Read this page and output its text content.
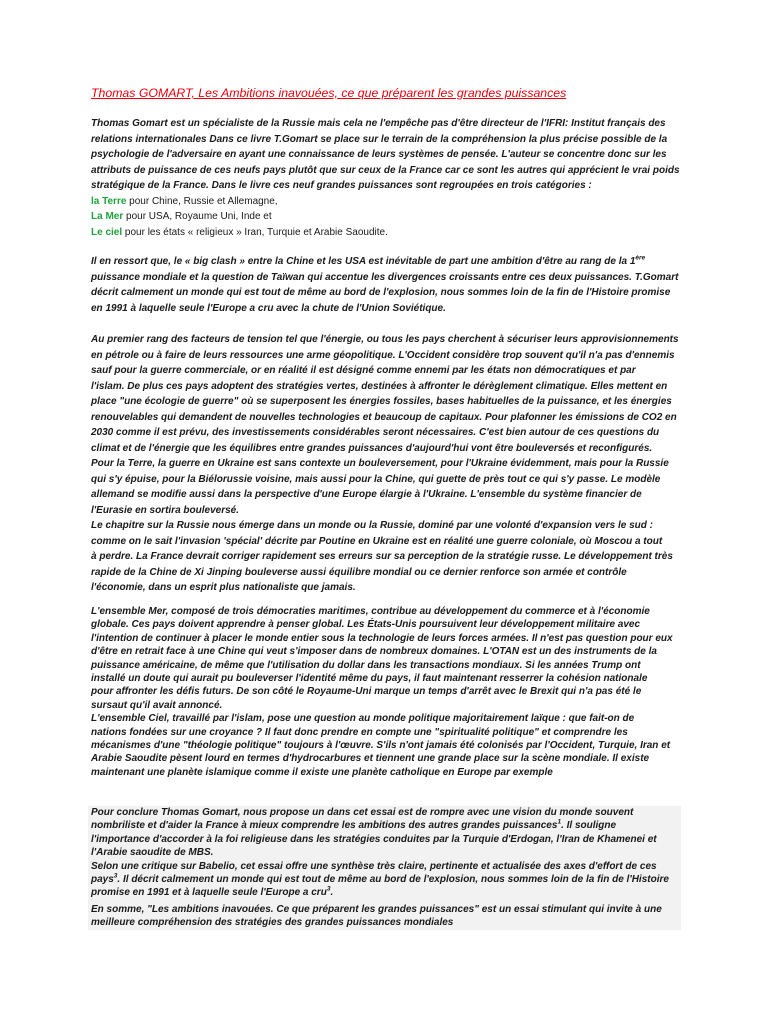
Thomas GOMART, Les Ambitions inavouées, ce que préparent les grandes puissances
Thomas Gomart est un spécialiste de la Russie mais cela ne l'empêche pas d'être directeur de l'IFRI: Institut français des
relations internationales Dans ce livre T.Gomart se place sur le terrain de la compréhension la plus précise possible de la
psychologie de l'adversaire en ayant une connaissance de leurs systèmes de pensée. L'auteur se concentre donc sur les
attributs de puissance de ces neufs pays plutôt que sur ceux de la France car ce sont les autres qui apprécient le vrai poids
stratégique de la France. Dans le livre ces neuf grandes puissances sont regroupées en trois catégories :
la Terre pour Chine, Russie et Allemagne,
La Mer pour USA, Royaume Uni, Inde et
Le ciel pour les états « religieux » Iran, Turquie et Arabie Saoudite.
Il en ressort que, le « big clash » entre la Chine et les USA est inévitable de part une ambition d'être au rang de la 1ère
puissance mondiale et la question de Taïwan qui accentue les divergences croissants entre ces deux puissances. T.Gomart
décrit calmement un monde qui est tout de même au bord de l'explosion, nous sommes loin de la fin de l'Histoire promise
en 1991 à laquelle seule l'Europe a cru avec la chute de l'Union Soviétique.
Au premier rang des facteurs de tension tel que l'énergie, ou tous les pays cherchent à sécuriser leurs approvisionnements
en pétrole ou à faire de leurs ressources une arme géopolitique. L'Occident considère trop souvent qu'il n'a pas d'ennemis
sauf pour la guerre commerciale, or en réalité il est désigné comme ennemi par les états non démocratiques et par
l'islam. De plus ces pays adoptent des stratégies vertes, destinées à affronter le dérèglement climatique. Elles mettent en
place "une écologie de guerre" où se superposent les énergies fossiles, bases habituelles de la puissance, et les énergies
renouvelables qui demandent de nouvelles technologies et beaucoup de capitaux. Pour plafonner les émissions de CO2 en
2030 comme il est prévu, des investissements considérables seront nécessaires. C'est bien autour de ces questions du
climat et de l'énergie que les équilibres entre grandes puissances d'aujourd'hui vont être bouleversés et reconfigurés.
Pour la Terre, la guerre en Ukraine est sans contexte un bouleversement, pour l'Ukraine évidemment, mais pour la Russie
qui s'y épuise, pour la Biélorussie voisine, mais aussi pour la Chine, qui guette de près tout ce qui s'y passe. Le modèle
allemand se modifie aussi dans la perspective d'une Europe élargie à l'Ukraine. L'ensemble du système financier de
l'Eurasie en sortira bouleversé.
Le chapitre sur la Russie nous émerge dans un monde ou la Russie, dominé par une volonté d'expansion vers le sud :
comme on le sait l'invasion 'spécial' décrite par Poutine en Ukraine est en réalité une guerre coloniale, où Moscou a tout
à perdre. La France devrait corriger rapidement ses erreurs sur sa perception de la stratégie russe. Le développement très
rapide de la Chine de Xi Jinping bouleverse aussi équilibre mondial ou ce dernier renforce son armée et contrôle
l'économie, dans un esprit plus nationaliste que jamais.
L'ensemble Mer, composé de trois démocraties maritimes, contribue au développement du commerce et à l'économie
globale. Ces pays doivent apprendre à penser global. Les États-Unis poursuivent leur développement militaire avec
l'intention de continuer à placer le monde entier sous la technologie de leurs forces armées. Il n'est pas question pour eux
d'être en retrait face à une Chine qui veut s'imposer dans de nombreux domaines. L'OTAN est un des instruments de la
puissance américaine, de même que l'utilisation du dollar dans les transactions mondiaux. Si les années Trump ont
installé un doute qui aurait pu bouleverser l'identité même du pays, il faut maintenant resserrer la cohésion nationale
pour affronter les défis futurs. De son côté le Royaume-Uni marque un temps d'arrêt avec le Brexit qui n'a pas été le
sursaut qu'il avait annoncé.
L'ensemble Ciel, travaillé par l'islam, pose une question au monde politique majoritairement laïque : que fait-on de
nations fondées sur une croyance ? Il faut donc prendre en compte une "spiritualité politique" et comprendre les
mécanismes d'une "théologie politique" toujours à l'œuvre. S'ils n'ont jamais été colonisés par l'Occident, Turquie, Iran et
Arabie Saoudite pèsent lourd en termes d'hydrocarbures et tiennent une grande place sur la scène mondiale. Il existe
maintenant une planète islamique comme il existe une planète catholique en Europe par exemple
Pour conclure Thomas Gomart, nous propose un dans cet essai est de rompre avec une vision du monde souvent
nombriliste et d'aider la France à mieux comprendre les ambitions des autres grandes puissances$^1$. Il souligne
l'importance d'accorder à la foi religieuse dans les stratégies conduites par la Turquie d'Erdogan, l'Iran de Khamenei et
l'Arabie saoudite de MBS.
Selon une critique sur Babelio, cet essai offre une synthèse très claire, pertinente et actualisée des axes d'effort de ces
pays$^3$. Il décrit calmement un monde qui est tout de même au bord de l'explosion, nous sommes loin de la fin de l'Histoire
promise en 1991 et à laquelle seule l'Europe a cru$^3$.
En somme, "Les ambitions inavouées. Ce que préparent les grandes puissances" est un essai stimulant qui invite à une
meilleure compréhension des stratégies des grandes puissances mondiales
